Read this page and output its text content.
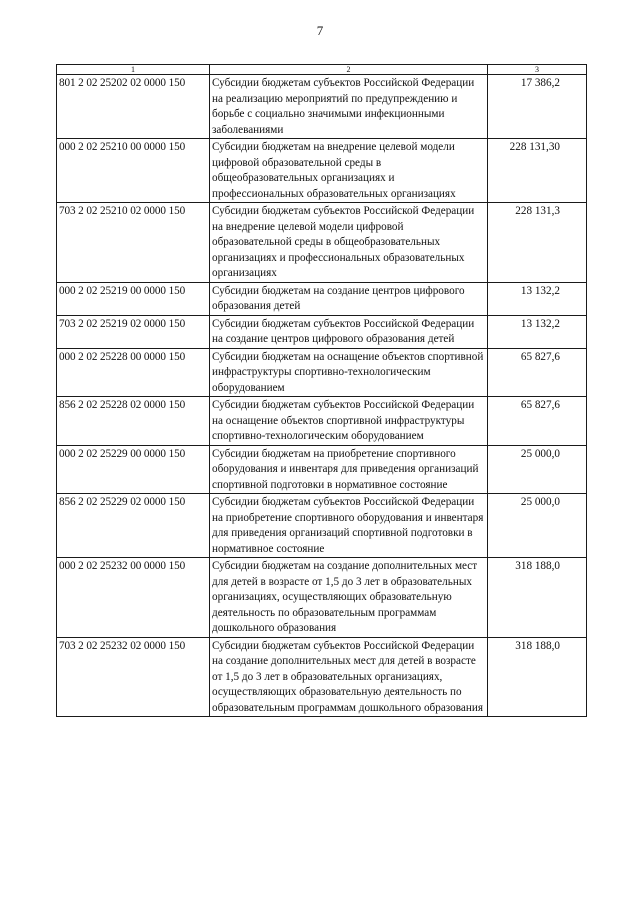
7
1	2	3
801 2 02 25202 02 0000 150	Субсидии бюджетам субъектов Российской Федерации на реализацию мероприятий по предупреждению и борьбе с социально значимыми инфекционными заболеваниями	17 386,2
000 2 02 25210 00 0000 150	Субсидии бюджетам на внедрение целевой модели цифровой образовательной среды в общеобразовательных организациях и профессиональных образовательных организациях	228 131,30
703 2 02 25210 02 0000 150	Субсидии бюджетам субъектов Российской Федерации на внедрение целевой модели цифровой образовательной среды в общеобразовательных организациях и профессиональных образовательных организациях	228 131,3
000 2 02 25219 00 0000 150	Субсидии бюджетам на создание центров цифрового образования детей	13 132,2
703 2 02 25219 02 0000 150	Субсидии бюджетам субъектов Российской Федерации на создание центров цифрового образования детей	13 132,2
000 2 02 25228 00 0000 150	Субсидии бюджетам на оснащение объектов спортивной инфраструктуры спортивно-технологическим оборудованием	65 827,6
856 2 02 25228 02 0000 150	Субсидии бюджетам субъектов Российской Федерации на оснащение объектов спортивной инфраструктуры спортивно-технологическим оборудованием	65 827,6
000 2 02 25229 00 0000 150	Субсидии бюджетам на приобретение спортивного оборудования и инвентаря для приведения организаций спортивной подготовки в нормативное состояние	25 000,0
856 2 02 25229 02 0000 150	Субсидии бюджетам субъектов Российской Федерации на приобретение спортивного оборудования и инвентаря для приведения организаций спортивной подготовки в нормативное состояние	25 000,0
000 2 02 25232 00 0000 150	Субсидии бюджетам на создание дополнительных мест для детей в возрасте от 1,5 до 3 лет в образовательных организациях, осуществляющих образовательную деятельность по образовательным программам дошкольного образования	318 188,0
703 2 02 25232 02 0000 150	Субсидии бюджетам субъектов Российской Федерации на создание дополнительных мест для детей в возрасте от 1,5 до 3 лет в образовательных организациях, осуществляющих образовательную деятельность по образовательным программам дошкольного образования	318 188,0
